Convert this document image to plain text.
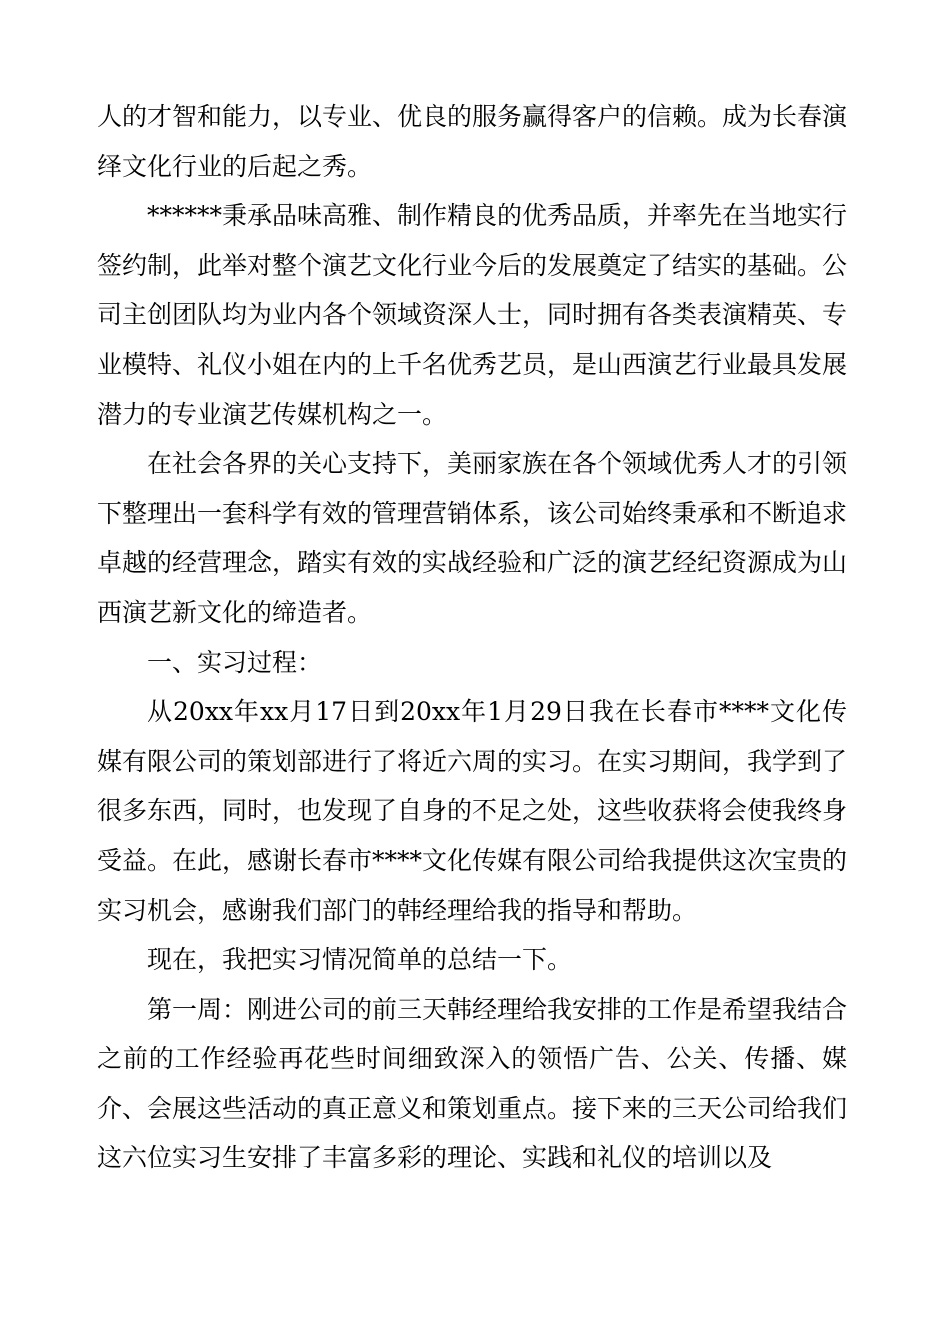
人的才智和能力，以专业、优良的服务赢得客户的信赖。成为长春演绎文化行业的后起之秀。

******秉承品味高雅、制作精良的优秀品质，并率先在当地实行签约制，此举对整个演艺文化行业今后的发展奠定了结实的基础。公司主创团队均为业内各个领域资深人士，同时拥有各类表演精英、专业模特、礼仪小姐在内的上千名优秀艺员，是山西演艺行业最具发展潜力的专业演艺传媒机构之一。

在社会各界的关心支持下，美丽家族在各个领域优秀人才的引领下整理出一套科学有效的管理营销体系，该公司始终秉承和不断追求卓越的经营理念，踏实有效的实战经验和广泛的演艺经纪资源成为山西演艺新文化的缔造者。

一、实习过程：

从20xx年xx月17日到20xx年1月29日我在长春市****文化传媒有限公司的策划部进行了将近六周的实习。在实习期间，我学到了很多东西，同时，也发现了自身的不足之处，这些收获将会使我终身受益。在此，感谢长春市****文化传媒有限公司给我提供这次宝贵的实习机会，感谢我们部门的韩经理给我的指导和帮助。

现在，我把实习情况简单的总结一下。

第一周：刚进公司的前三天韩经理给我安排的工作是希望我结合之前的工作经验再花些时间细致深入的领悟广告、公关、传播、媒介、会展这些活动的真正意义和策划重点。接下来的三天公司给我们这六位实习生安排了丰富多彩的理论、实践和礼仪的培训以及
